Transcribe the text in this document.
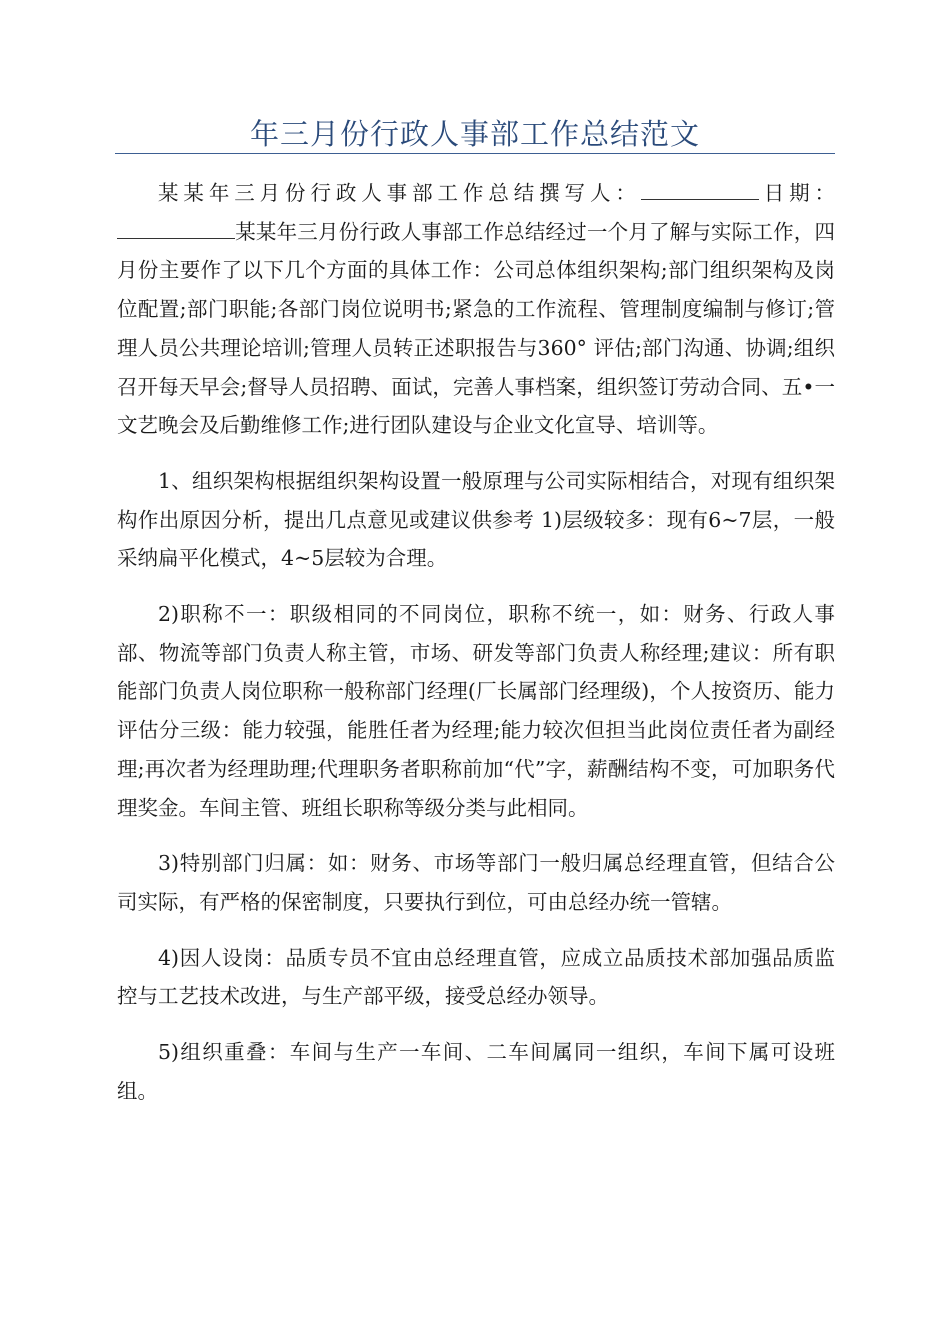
年三月份行政人事部工作总结范文

某某年三月份行政人事部工作总结撰写人：	日期：某某年三月份行政人事部工作总结经过一个月了解与实际工作，四月份主要作了以下几个方面的具体工作：公司总体组织架构;部门组织架构及岗位配置;部门职能;各部门岗位说明书;紧急的工作流程、管理制度编制与修订;管理人员公共理论培训;管理人员转正述职报告与360° 评估;部门沟通、协调;组织召开每天早会;督导人员招聘、面试，完善人事档案，组织签订劳动合同、五•一文艺晚会及后勤维修工作;进行团队建设与企业文化宣导、培训等。

1、组织架构根据组织架构设置一般原理与公司实际相结合，对现有组织架构作出原因分析，提出几点意见或建议供参考 1)层级较多：现有6~7层，一般采纳扁平化模式，4~5层较为合理。

2)职称不一：职级相同的不同岗位，职称不统一，如：财务、行政人事部、物流等部门负责人称主管，市场、研发等部门负责人称经理;建议：所有职能部门负责人岗位职称一般称部门经理(厂长属部门经理级)，个人按资历、能力评估分三级：能力较强，能胜任者为经理;能力较次但担当此岗位责任者为副经理;再次者为经理助理;代理职务者职称前加“代”字，薪酬结构不变，可加职务代理奖金。车间主管、班组长职称等级分类与此相同。

3)特别部门归属：如：财务、市场等部门一般归属总经理直管，但结合公司实际，有严格的保密制度，只要执行到位，可由总经办统一管辖。

4)因人设岗：品质专员不宜由总经理直管，应成立品质技术部加强品质监控与工艺技术改进，与生产部平级，接受总经办领导。

5)组织重叠：车间与生产一车间、二车间属同一组织，车间下属可设班组。
